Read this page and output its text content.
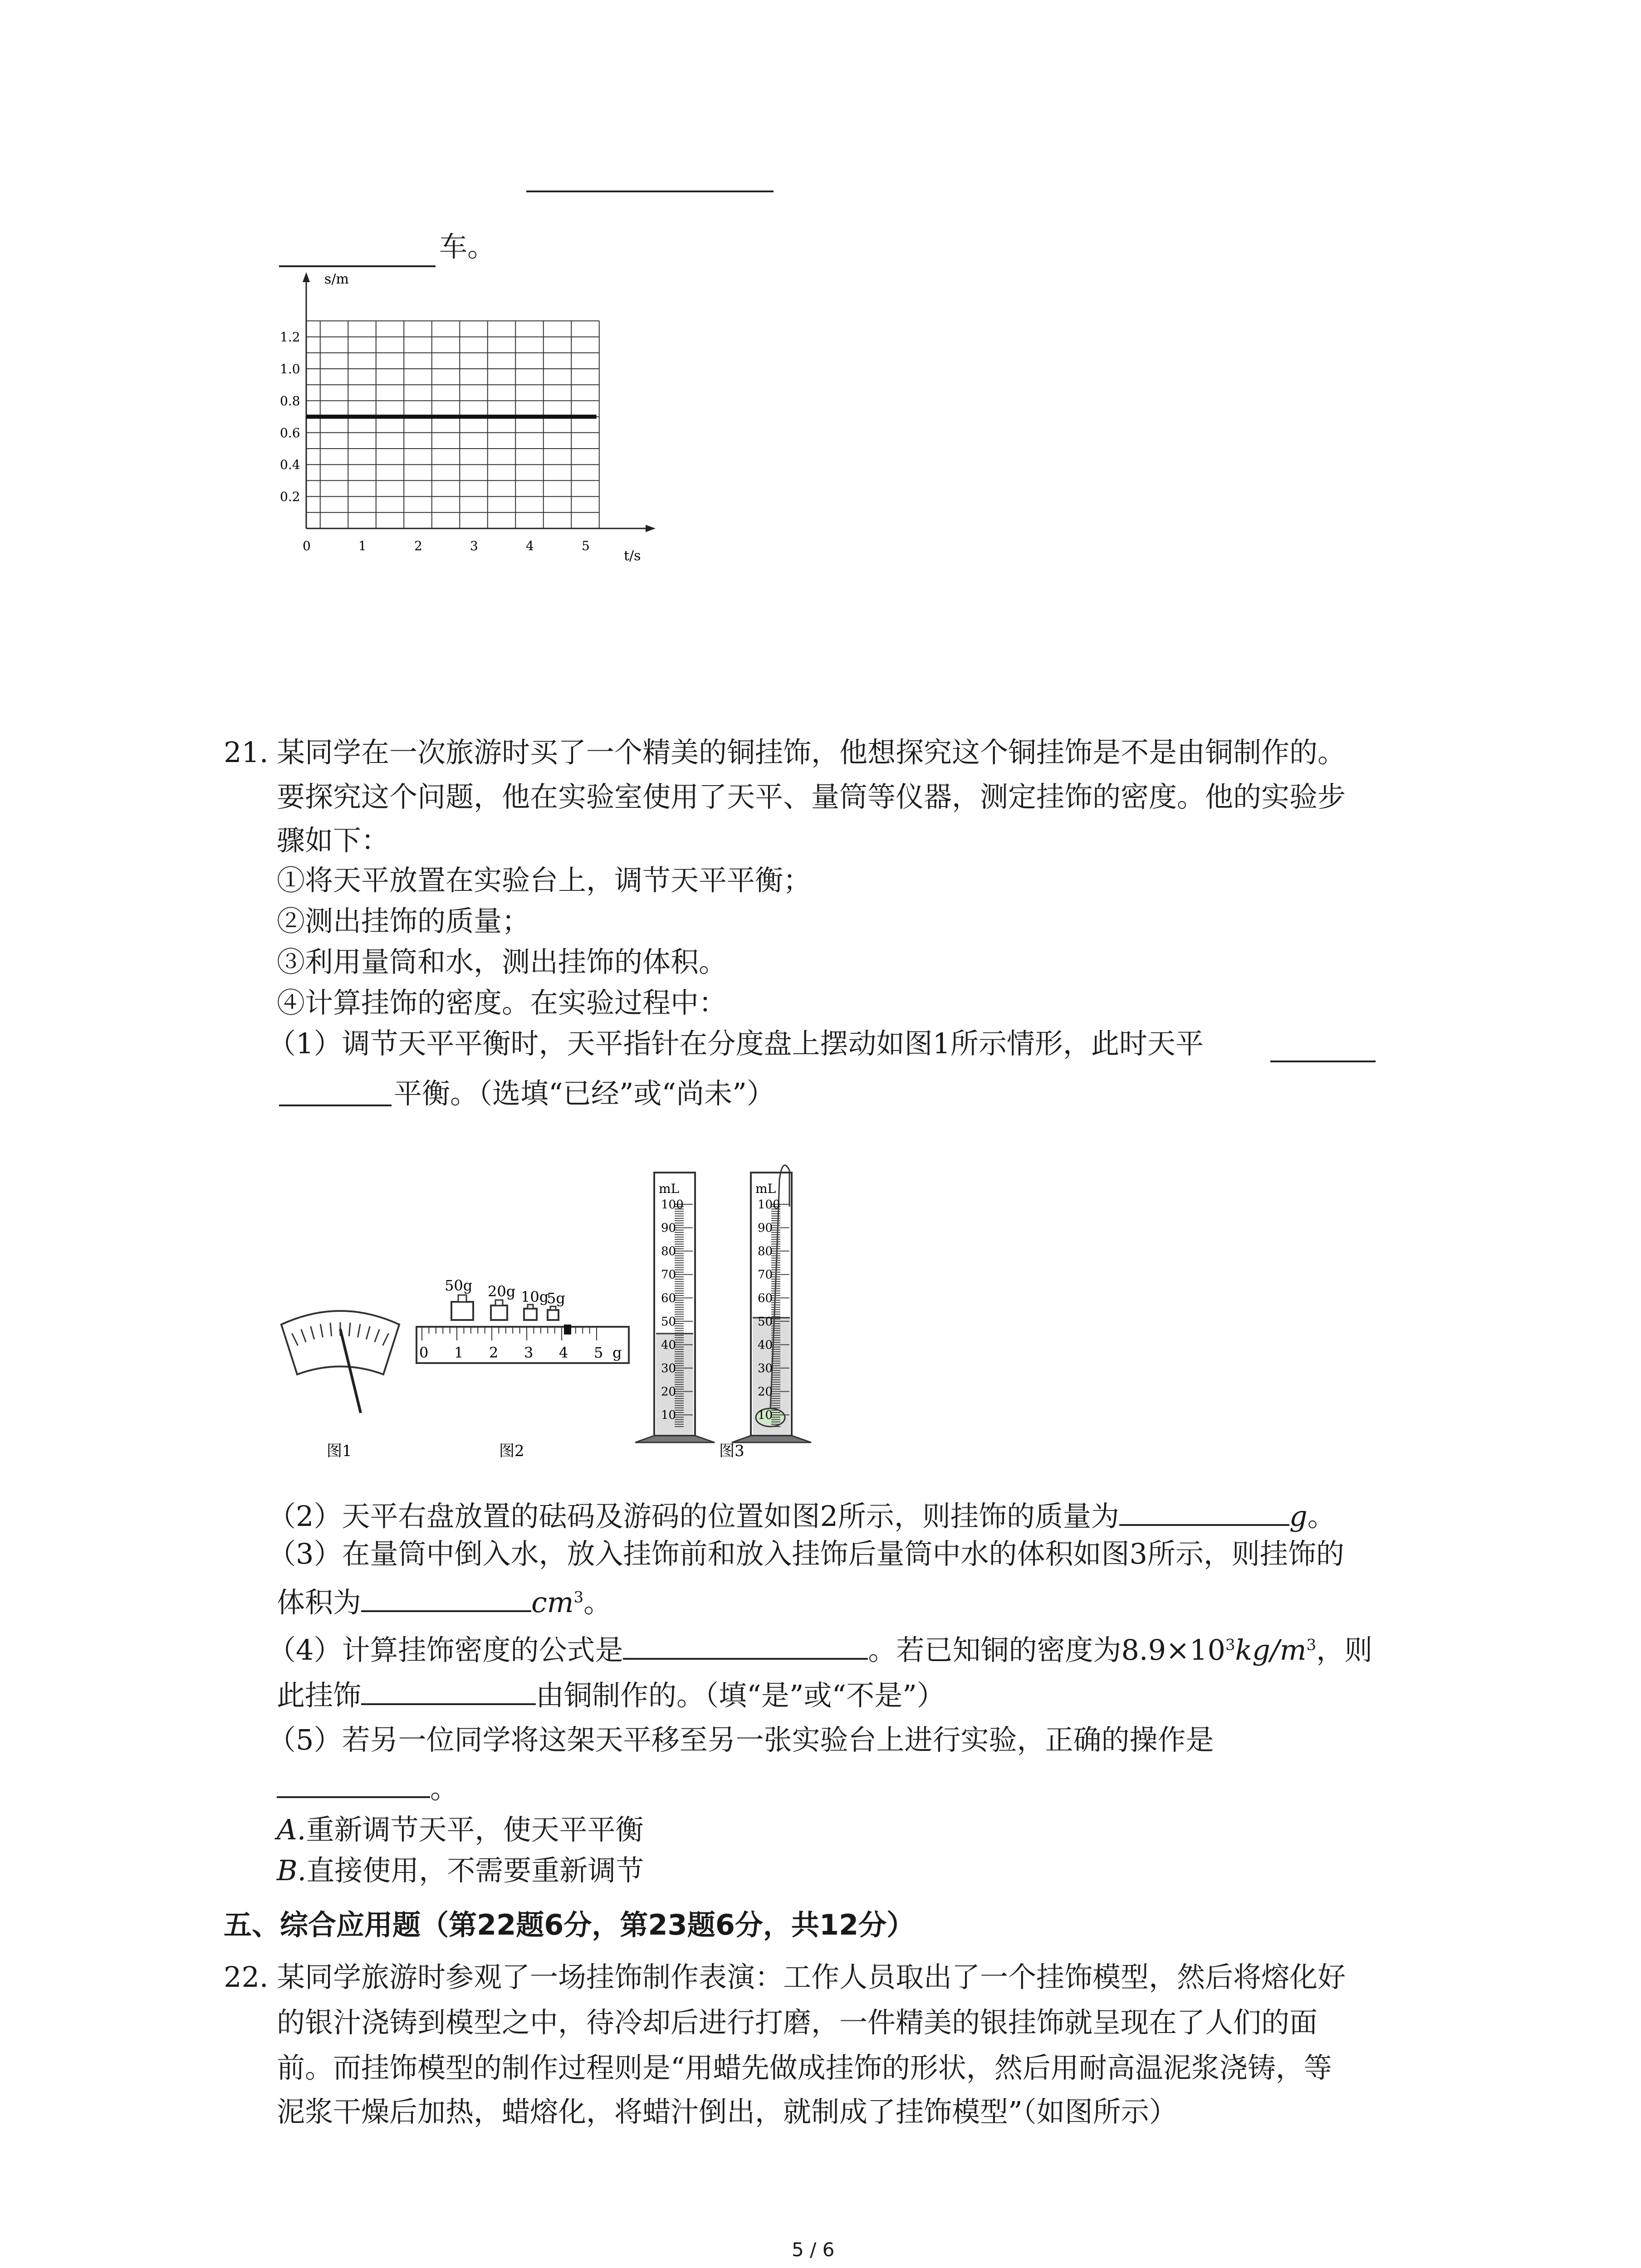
车。
0.2
0.4
0.6
0.8
1.0
1.2
0	1	2	3	4	5
s/m
t/s
21. 某同学在一次旅游时买了一个精美的铜挂饰，他想探究这个铜挂饰是不是由铜制作的。
要探究这个问题，他在实验室使用了天平、量筒等仪器，测定挂饰的密度。他的实验步
骤如下：
①将天平放置在实验台上，调节天平平衡；
②测出挂饰的质量；
③利用量筒和水，测出挂饰的体积。
④计算挂饰的密度。在实验过程中：
（1）调节天平平衡时，天平指针在分度盘上摆动如图1所示情形，此时天平
平衡。（选填“已经”或“尚未”）
图1
50g 20g 10g
5g
0 1 2 3 4 5 g
图2
mL
100
90
80
70
60
50
40
30
20
10
mL
100
90
80
70
60
50
40
30
20
10
图3
（2）天平右盘放置的砝码及游码的位置如图2所示，则挂饰的质量为	g。
（3）在量筒中倒入水，放入挂饰前和放入挂饰后量筒中水的体积如图3所示，则挂饰的
体积为	$cm^3$。
（4）计算挂饰密度的公式是	。若已知铜的密度为$8.9\times 10^3kg/m^3$，则
此挂饰	由铜制作的。（填“是”或“不是”）
（5）若另一位同学将这架天平移至另一张实验台上进行实验，正确的操作是
。
A.重新调节天平，使天平平衡
B.直接使用，不需要重新调节
五、综合应用题（第22题6分，第23题6分，共12分）
22. 某同学旅游时参观了一场挂饰制作表演：工作人员取出了一个挂饰模型，然后将熔化好
的银汁浇铸到模型之中，待冷却后进行打磨，一件精美的银挂饰就呈现在了人们的面
前。而挂饰模型的制作过程则是“用蜡先做成挂饰的形状，然后用耐高温泥浆浇铸，等
泥浆干燥后加热，蜡熔化，将蜡汁倒出，就制成了挂饰模型”（如图所示）
5 / 6
